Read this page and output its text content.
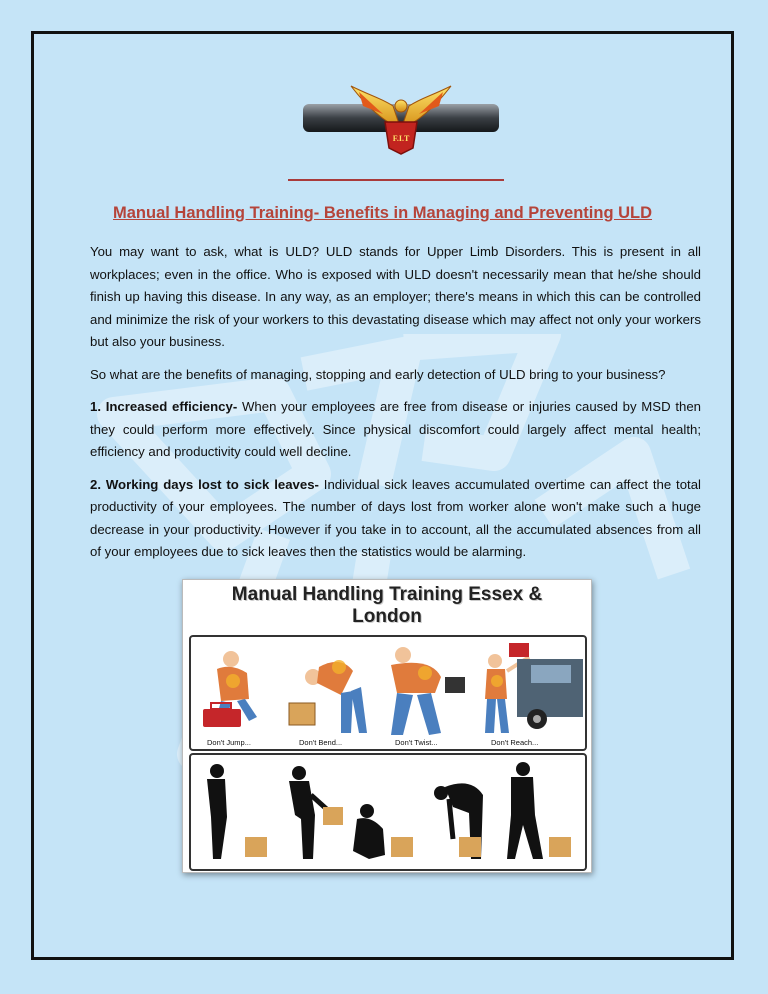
F.I.T
Manual Handling Training- Benefits in Managing and Preventing ULD

You may want to ask, what is ULD? ULD stands for Upper Limb Disorders. This is present in all workplaces; even in the office. Who is exposed with ULD doesn't necessarily mean that he/she should finish up having this disease. In any way, as an employer; there's means in which this can be controlled and minimize the risk of your workers to this devastating disease which may affect not only your workers but also your business.

So what are the benefits of managing, stopping and early detection of ULD bring to your business?

1. Increased efficiency- When your employees are free from disease or injuries caused by MSD then they could perform more effectively. Since physical discomfort could largely affect mental health; efficiency and productivity could well decline.

2. Working days lost to sick leaves- Individual sick leaves accumulated overtime can affect the total productivity of your employees. The number of days lost from worker alone won't make such a huge decrease in your productivity. However if you take in to account, all the accumulated absences from all of your employees due to sick leaves then the statistics would be alarming.

Manual Handling Training Essex &
London
Don't Jump...	Don't Bend...	Don't Twist...	Don't Reach...
